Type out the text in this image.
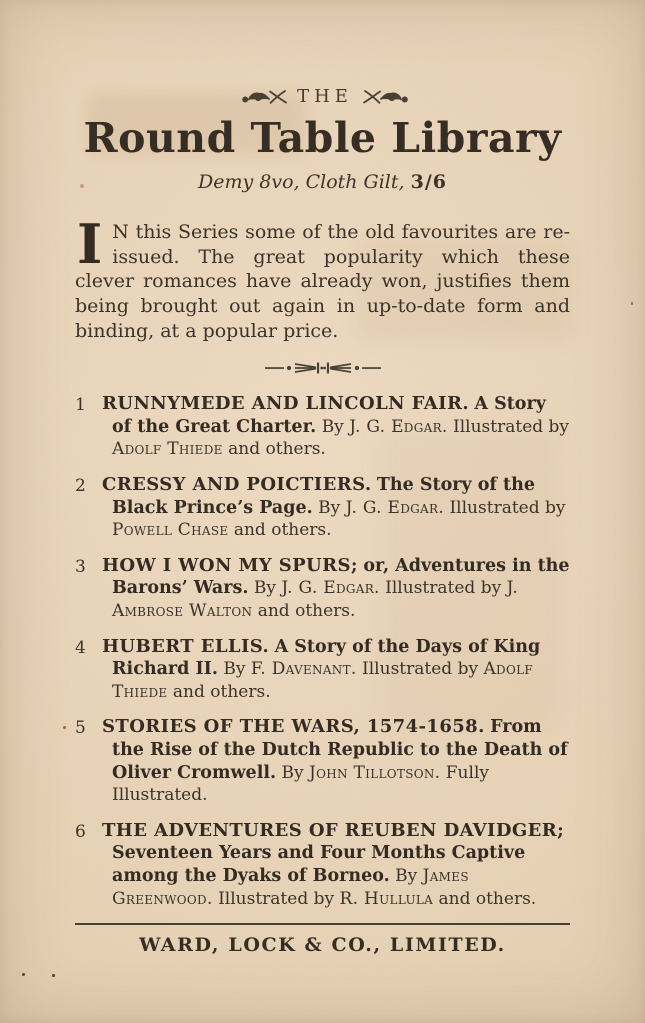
THE
Round Table Library

Demy 8vo, Cloth Gilt, 3/6

I N this Series some of the old favourites are re-issued. The great popularity which these clever romances have already won, justifies them being brought out again in up-to-date form and binding, at a popular price.

1 RUNNYMEDE AND LINCOLN FAIR. A Story of the Great Charter. By J. G. Edgar. Illustrated by Adolf Thiede and others.
2 CRESSY AND POICTIERS. The Story of the Black Prince’s Page. By J. G. Edgar. Illustrated by Powell Chase and others.
3 HOW I WON MY SPURS; or, Adventures in the Barons’ Wars. By J. G. Edgar. Illustrated by J. Ambrose Walton and others.
4 HUBERT ELLIS. A Story of the Days of King Richard II. By F. Davenant. Illustrated by Adolf Thiede and others.
5 STORIES OF THE WARS, 1574-1658. From the Rise of the Dutch Republic to the Death of Oliver Cromwell. By John Tillotson. Fully Illustrated.
6 THE ADVENTURES OF REUBEN DAVIDGER; Seventeen Years and Four Months Captive among the Dyaks of Borneo. By James Greenwood. Illustrated by R. Hullula and others.
WARD, LOCK & CO., LIMITED.
